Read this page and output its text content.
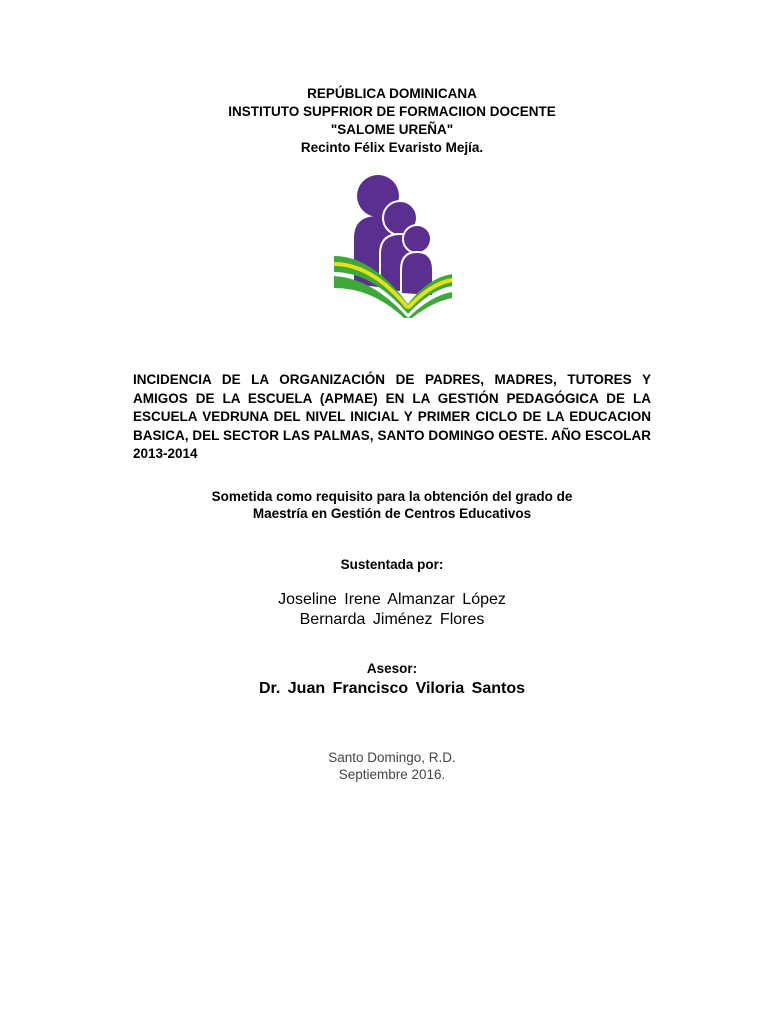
REPÚBLICA DOMINICANA
INSTITUTO SUPFRIOR DE FORMACIION DOCENTE
"SALOME UREÑA"
Recinto Félix Evaristo Mejía.
INCIDENCIA DE LA ORGANIZACIÓN DE PADRES, MADRES, TUTORES Y AMIGOS DE LA ESCUELA (APMAE) EN LA GESTIÓN PEDAGÓGICA DE LA ESCUELA VEDRUNA DEL NIVEL INICIAL Y PRIMER CICLO DE LA EDUCACION BASICA, DEL SECTOR LAS PALMAS, SANTO DOMINGO OESTE. AÑO ESCOLAR 2013-2014
Sometida como requisito para la obtención del grado de
Maestría en Gestión de Centros Educativos
Sustentada por:
Joseline Irene Almanzar López
Bernarda Jiménez Flores
Asesor:
Dr. Juan Francisco Viloria Santos
Santo Domingo, R.D.
Septiembre 2016.
